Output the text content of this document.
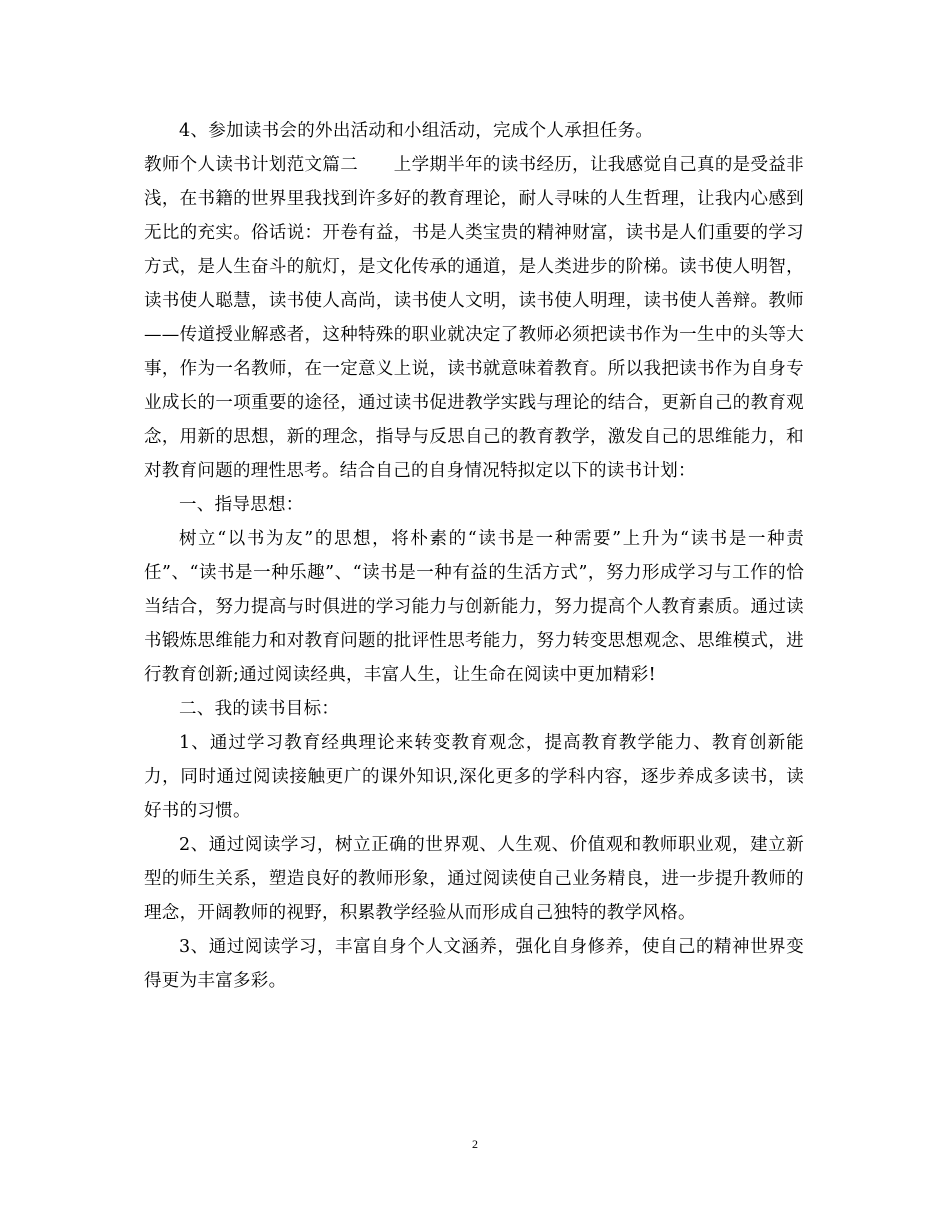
4、参加读书会的外出活动和小组活动，完成个人承担任务。

教师个人读书计划范文篇二　　上学期半年的读书经历，让我感觉自己真的是受益非浅，在书籍的世界里我找到许多好的教育理论，耐人寻味的人生哲理，让我内心感到无比的充实。俗话说：开卷有益，书是人类宝贵的精神财富，读书是人们重要的学习方式，是人生奋斗的航灯，是文化传承的通道，是人类进步的阶梯。读书使人明智，读书使人聪慧，读书使人高尚，读书使人文明，读书使人明理，读书使人善辩。教师——传道授业解惑者，这种特殊的职业就决定了教师必须把读书作为一生中的头等大事，作为一名教师，在一定意义上说，读书就意味着教育。所以我把读书作为自身专业成长的一项重要的途径，通过读书促进教学实践与理论的结合，更新自己的教育观念，用新的思想，新的理念，指导与反思自己的教育教学，激发自己的思维能力，和对教育问题的理性思考。结合自己的自身情况特拟定以下的读书计划：

一、指导思想：

树立“以书为友”的思想，将朴素的“读书是一种需要”上升为“读书是一种责任”、“读书是一种乐趣”、“读书是一种有益的生活方式”，努力形成学习与工作的恰当结合，努力提高与时俱进的学习能力与创新能力，努力提高个人教育素质。通过读书锻炼思维能力和对教育问题的批评性思考能力，努力转变思想观念、思维模式，进行教育创新;通过阅读经典，丰富人生，让生命在阅读中更加精彩!

二、我的读书目标：

1、通过学习教育经典理论来转变教育观念，提高教育教学能力、教育创新能力，同时通过阅读接触更广的课外知识,深化更多的学科内容，逐步养成多读书，读好书的习惯。

2、通过阅读学习，树立正确的世界观、人生观、价值观和教师职业观，建立新型的师生关系，塑造良好的教师形象，通过阅读使自己业务精良，进一步提升教师的理念，开阔教师的视野，积累教学经验从而形成自己独特的教学风格。

3、通过阅读学习，丰富自身个人文涵养，强化自身修养，使自己的精神世界变得更为丰富多彩。

2
